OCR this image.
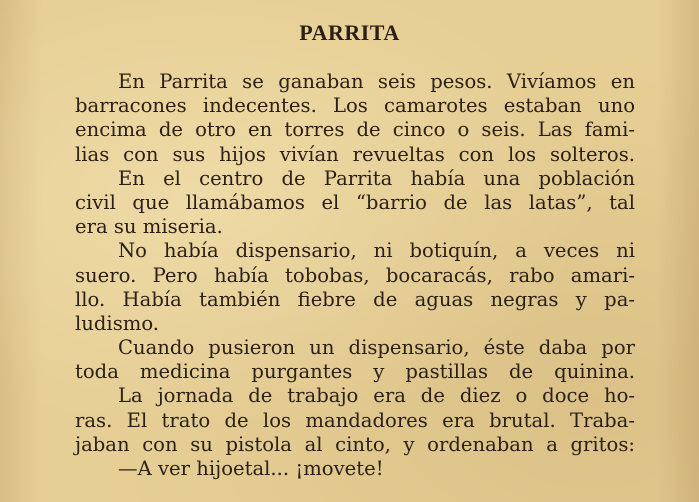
PARRITA
En Parrita se ganaban seis pesos. Vivíamos en
barracones indecentes. Los camarotes estaban uno
encima de otro en torres de cinco o seis. Las fami-
lias con sus hijos vivían revueltas con los solteros.
En el centro de Parrita había una población
civil que llamábamos el “barrio de las latas”, tal
era su miseria.
No había dispensario, ni botiquín, a veces ni
suero. Pero había tobobas, bocaracás, rabo amari-
llo. Había también fiebre de aguas negras y pa-
ludismo.
Cuando pusieron un dispensario, éste daba por
toda medicina purgantes y pastillas de quinina.
La jornada de trabajo era de diez o doce ho-
ras. El trato de los mandadores era brutal. Traba-
jaban con su pistola al cinto, y ordenaban a gritos:
—A ver hijoetal... ¡movete!
